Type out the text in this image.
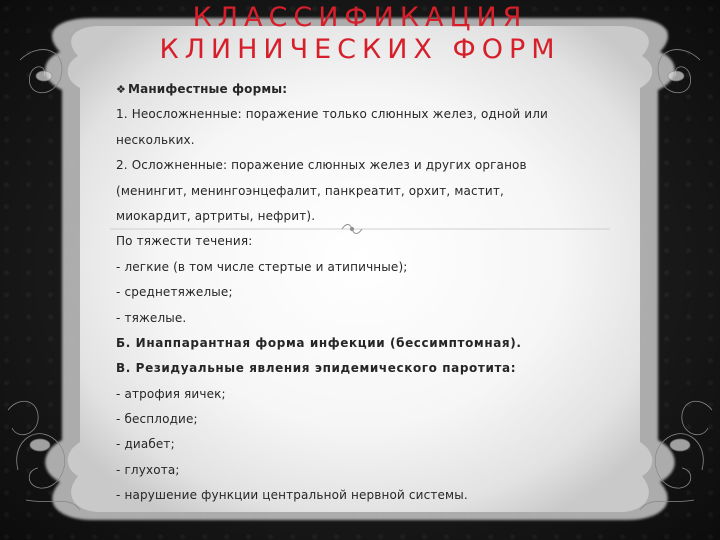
КЛАССИФИКАЦИЯ
КЛИНИЧЕСКИХ ФОРМ
❖ Манифестные формы:
1. Неосложненные: поражение только слюнных желез, одной или
нескольких.
2. Осложненные: поражение слюнных желез и других органов
(менингит, менингоэнцефалит, панкреатит, орхит, мастит,
миокардит, артриты, нефрит).
По тяжести течения:
- легкие (в том числе стертые и атипичные);
- среднетяжелые;
- тяжелые.
Б. Инаппарантная форма инфекции (бессимптомная).
В. Резидуальные явления эпидемического паротита:
- атрофия яичек;
- бесплодие;
- диабет;
- глухота;
- нарушение функции центральной нервной системы.
